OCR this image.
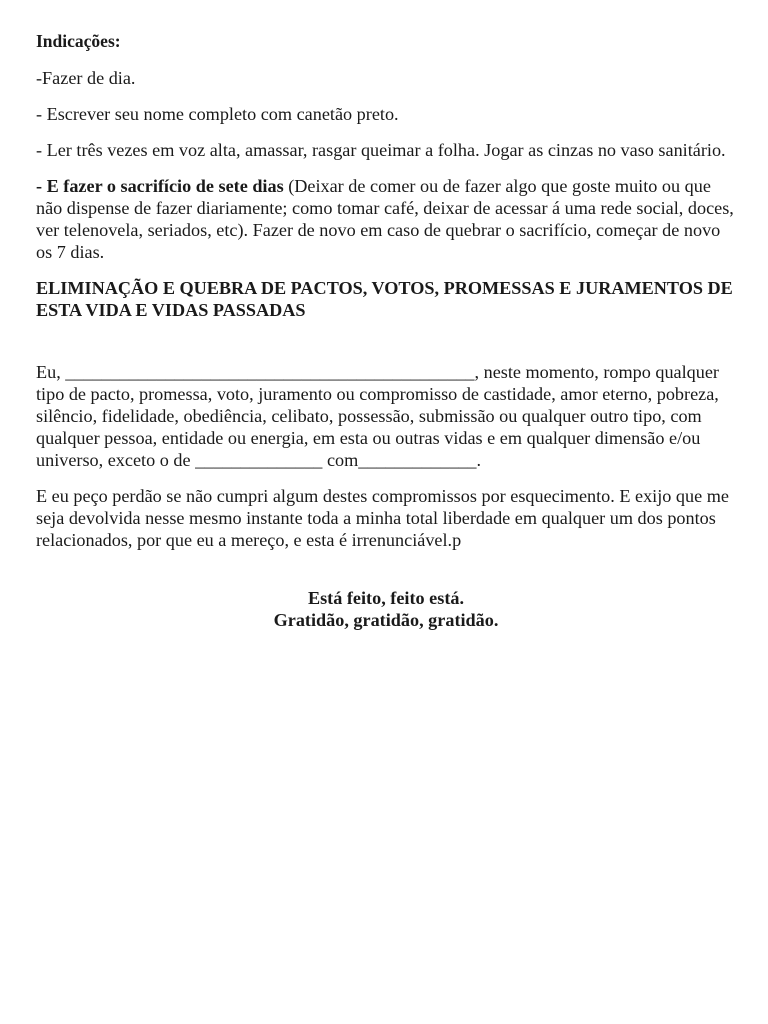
Indicações:
-Fazer de dia.
- Escrever seu nome completo com canetão preto.
- Ler três vezes em voz alta, amassar, rasgar queimar a folha. Jogar as cinzas no vaso sanitário.
- E fazer o sacrifício de sete dias (Deixar de comer ou de fazer algo que goste muito ou que não dispense de fazer diariamente; como tomar café, deixar de acessar á uma rede social, doces, ver telenovela, seriados, etc). Fazer de novo em caso de quebrar o sacrifício, começar de novo os 7 dias.
ELIMINAÇÃO E QUEBRA DE PACTOS, VOTOS, PROMESSAS E JURAMENTOS DE ESTA VIDA E VIDAS PASSADAS
Eu, _____________________________________________, neste momento, rompo qualquer tipo de pacto, promessa, voto, juramento ou compromisso de castidade, amor eterno, pobreza, silêncio, fidelidade, obediência, celibato, possessão, submissão ou qualquer outro tipo, com qualquer pessoa, entidade ou energia, em esta ou outras vidas e em qualquer dimensão e/ou universo, exceto o de ______________ com_____________.
E eu peço perdão se não cumpri algum destes compromissos por esquecimento. E exijo que me seja devolvida nesse mesmo instante toda a minha total liberdade em qualquer um dos pontos relacionados, por que eu a mereço, e esta é irrenunciável.p
Está feito, feito está.
Gratidão, gratidão, gratidão.
